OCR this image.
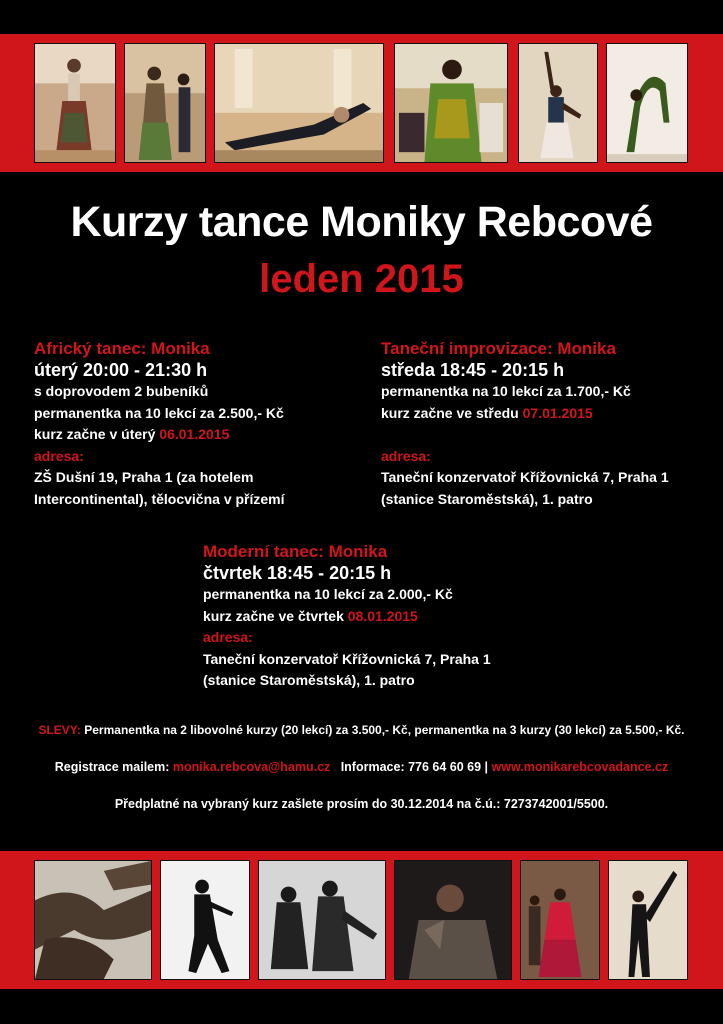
Kurzy tance Moniky Rebcové
leden 2015
Africký tanec: Monika
úterý 20:00 - 21:30 h
s doprovodem 2 bubeníků
permanentka na 10 lekcí za 2.500,- Kč
kurz začne v úterý 06.01.2015
adresa:
ZŠ Dušní 19, Praha 1 (za hotelem
Intercontinental), tělocvična v přízemí
Taneční improvizace: Monika
středa 18:45 - 20:15 h
permanentka na 10 lekcí za 1.700,- Kč
kurz začne ve středu 07.01.2015
adresa:
Taneční konzervatoř Křížovnická 7, Praha 1
(stanice Staroměstská), 1. patro
Moderní tanec: Monika
čtvrtek 18:45 - 20:15 h
permanentka na 10 lekcí za 2.000,- Kč
kurz začne ve čtvrtek 08.01.2015
adresa:
Taneční konzervatoř Křížovnická 7, Praha 1
(stanice Staroměstská), 1. patro
SLEVY: Permanentka na 2 libovolné kurzy (20 lekcí) za 3.500,- Kč, permanentka na 3 kurzy (30 lekcí) za 5.500,- Kč.
Registrace mailem: monika.rebcova@hamu.cz Informace: 776 64 60 69 | www.monikarebcovadance.cz
Předplatné na vybraný kurz zašlete prosím do 30.12.2014 na č.ú.: 7273742001/5500.
